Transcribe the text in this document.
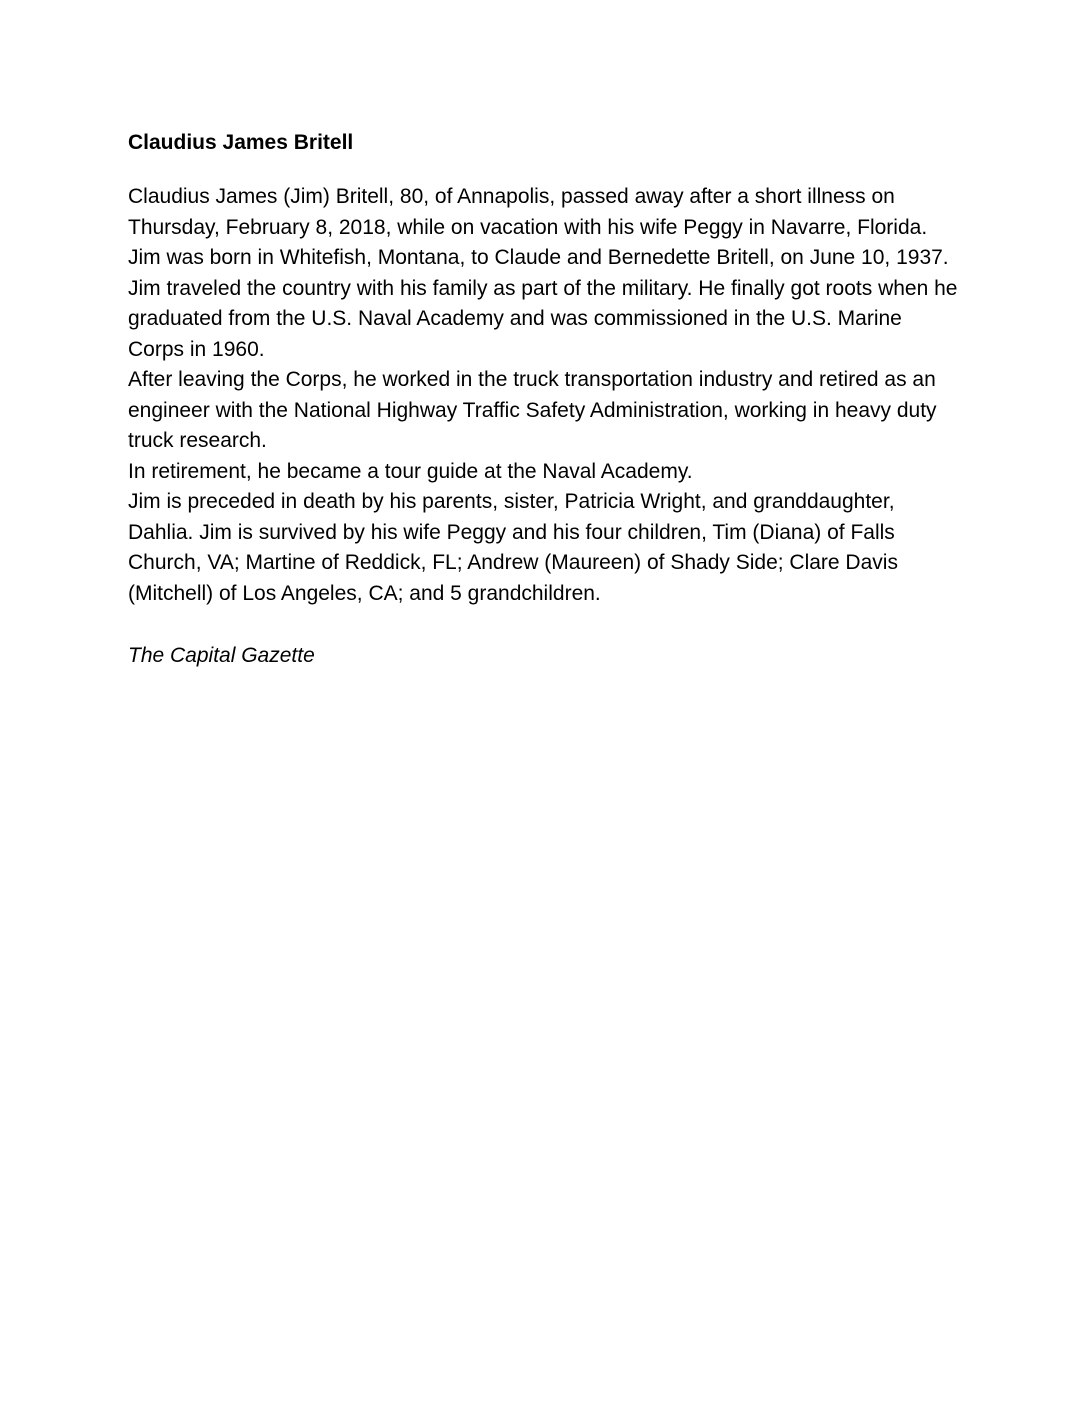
Claudius James Britell

Claudius James (Jim) Britell, 80, of Annapolis, passed away after a short illness on Thursday, February 8, 2018, while on vacation with his wife Peggy in Navarre, Florida.

Jim was born in Whitefish, Montana, to Claude and Bernedette Britell, on June 10, 1937. Jim traveled the country with his family as part of the military. He finally got roots when he graduated from the U.S. Naval Academy and was commissioned in the U.S. Marine Corps in 1960.

After leaving the Corps, he worked in the truck transportation industry and retired as an engineer with the National Highway Traffic Safety Administration, working in heavy duty truck research.

In retirement, he became a tour guide at the Naval Academy.

Jim is preceded in death by his parents, sister, Patricia Wright, and granddaughter, Dahlia. Jim is survived by his wife Peggy and his four children, Tim (Diana) of Falls Church, VA; Martine of Reddick, FL; Andrew (Maureen) of Shady Side; Clare Davis (Mitchell) of Los Angeles, CA; and 5 grandchildren.

The Capital Gazette
